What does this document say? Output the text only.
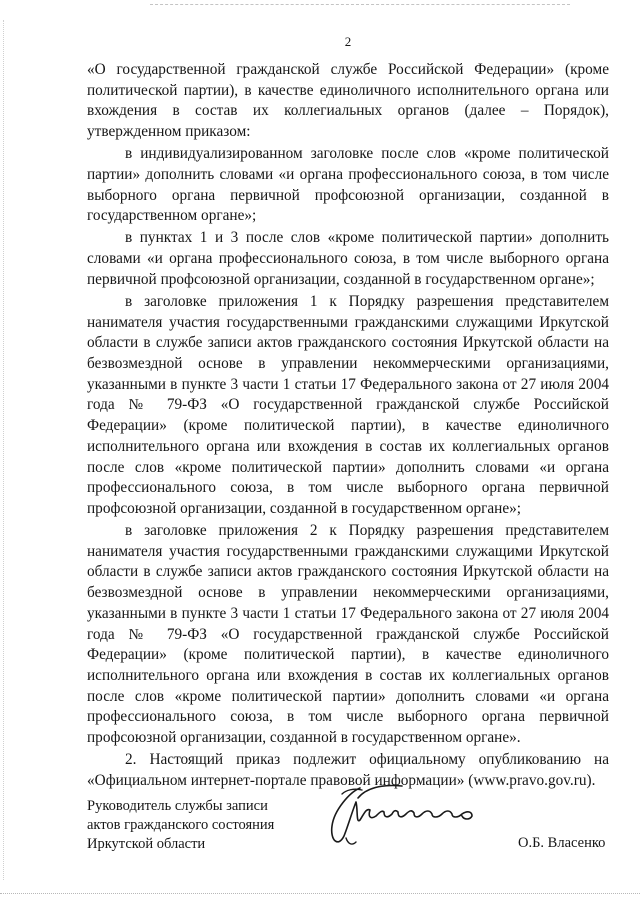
2

«О государственной гражданской службе Российской Федерации» (кроме политической партии), в качестве единоличного исполнительного органа или вхождения в состав их коллегиальных органов (далее – Порядок), утвержденном приказом:

в индивидуализированном заголовке после слов «кроме политической партии» дополнить словами «и органа профессионального союза, в том числе выборного органа первичной профсоюзной организации, созданной в государственном органе»;

в пунктах 1 и 3 после слов «кроме политической партии» дополнить словами «и органа профессионального союза, в том числе выборного органа первичной профсоюзной организации, созданной в государственном органе»;

в заголовке приложения 1 к Порядку разрешения представителем нанимателя участия государственными гражданскими служащими Иркутской области в службе записи актов гражданского состояния Иркутской области на безвозмездной основе в управлении некоммерческими организациями, указанными в пункте 3 части 1 статьи 17 Федерального закона от 27 июля 2004 года № 79-ФЗ «О государственной гражданской службе Российской Федерации» (кроме политической партии), в качестве единоличного исполнительного органа или вхождения в состав их коллегиальных органов после слов «кроме политической партии» дополнить словами «и органа профессионального союза, в том числе выборного органа первичной профсоюзной организации, созданной в государственном органе»;

в заголовке приложения 2 к Порядку разрешения представителем нанимателя участия государственными гражданскими служащими Иркутской области в службе записи актов гражданского состояния Иркутской области на безвозмездной основе в управлении некоммерческими организациями, указанными в пункте 3 части 1 статьи 17 Федерального закона от 27 июля 2004 года № 79-ФЗ «О государственной гражданской службе Российской Федерации» (кроме политической партии), в качестве единоличного исполнительного органа или вхождения в состав их коллегиальных органов после слов «кроме политической партии» дополнить словами «и органа профессионального союза, в том числе выборного органа первичной профсоюзной организации, созданной в государственном органе».

2. Настоящий приказ подлежит официальному опубликованию на «Официальном интернет-портале правовой информации» (www.pravo.gov.ru).

Руководитель службы записи
актов гражданского состояния
Иркутской области	О.Б. Власенко
